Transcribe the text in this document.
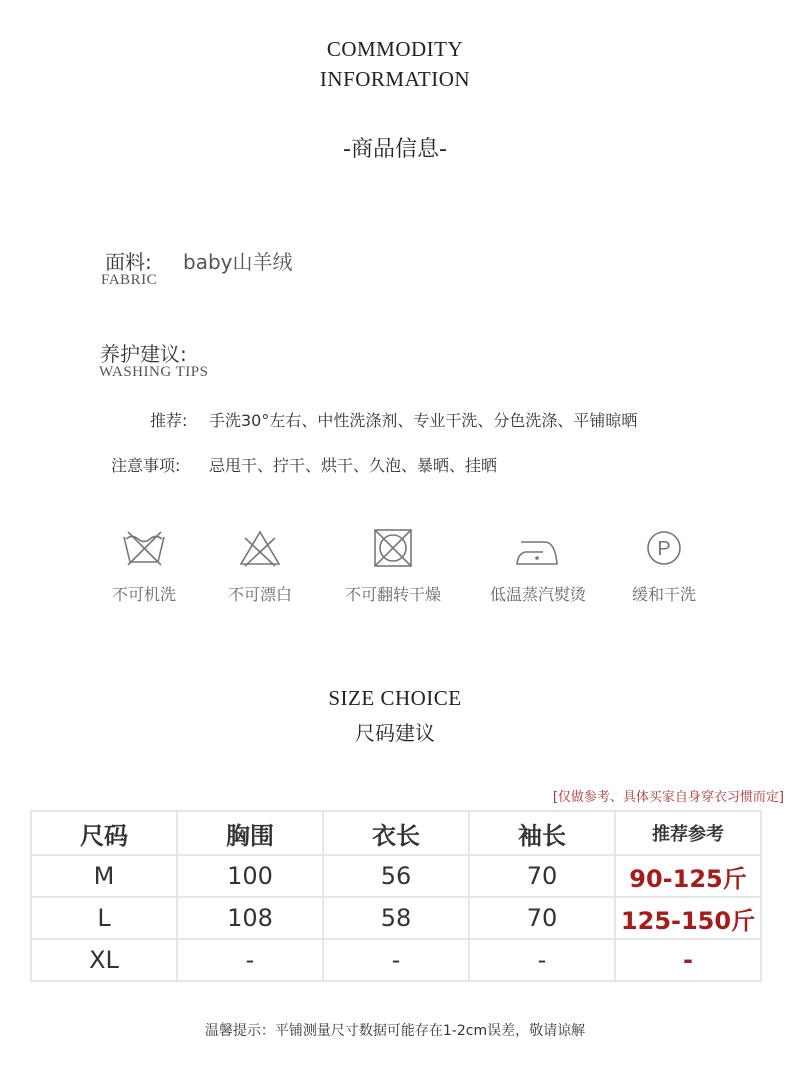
COMMODITY
INFORMATION
-商品信息-
面料: baby山羊绒
FABRIC
养护建议:
WASHING TIPS
推荐: 手洗30°左右、中性洗涤剂、专业干洗、分色洗涤、平铺晾晒
注意事项: 忌甩干、拧干、烘干、久泡、暴晒、挂晒
不可机洗	不可漂白	不可翻转干燥	低温蒸汽熨烫
P
缓和干洗
SIZE CHOICE
尺码建议
[仅做参考、具体买家自身穿衣习惯而定]
尺码	胸围	衣长	袖长	推荐参考
M	100	56	70	90-125斤
L	108	58	70	125-150斤
XL	-	-	-	-
温馨提示：平铺测量尺寸数据可能存在1-2cm误差，敬请谅解
